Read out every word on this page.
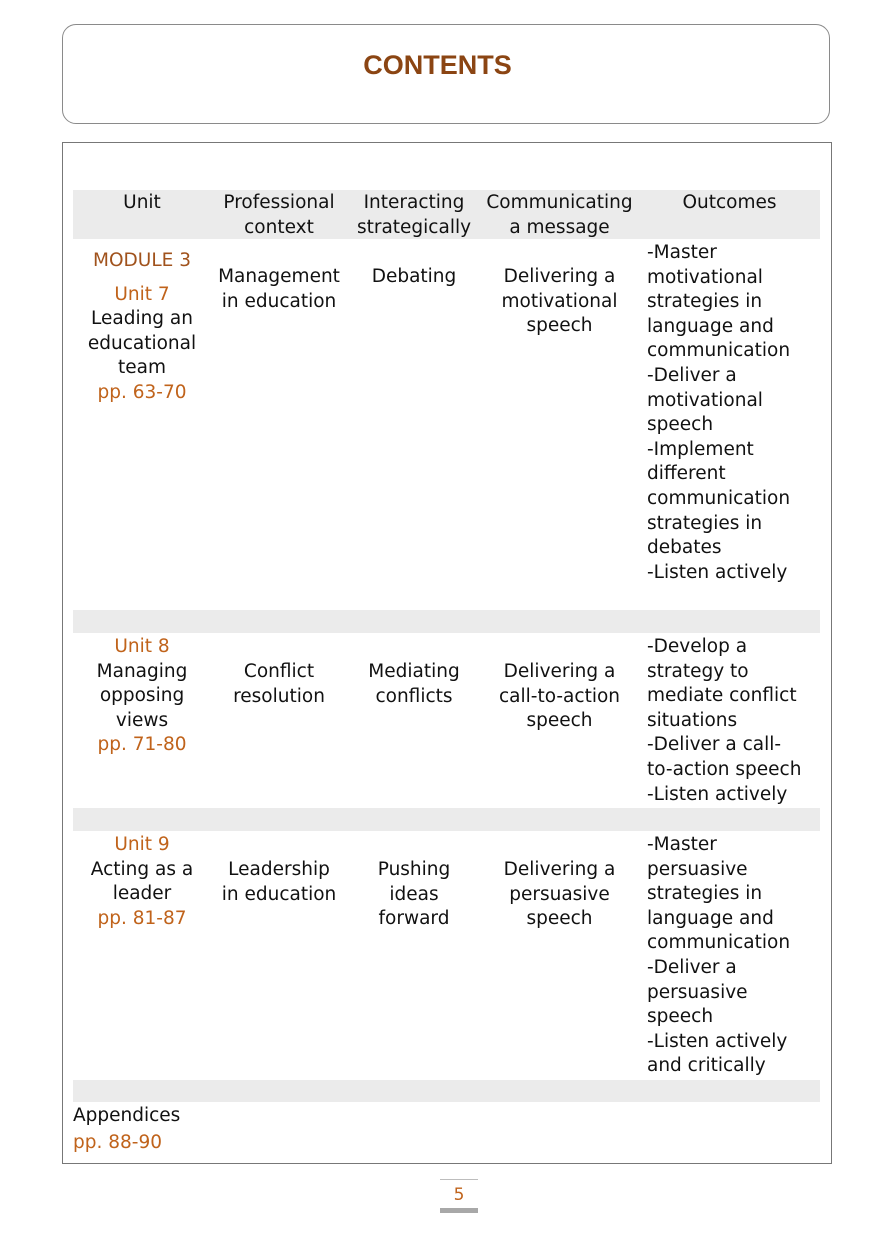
CONTENTS
Unit	Professional
context
Interacting
strategically
Communicating
a message
Outcomes
MODULE 3
Unit 7
Leading an
educational
team
pp. 63-70
Management
in education
Debating	Delivering a
motivational
speech
-Master
motivational
strategies in
language and
communication
-Deliver a
motivational
speech
-Implement
different
communication
strategies in
debates
-Listen actively
Unit 8
Managing
opposing
views
pp. 71-80
Conflict
resolution
Mediating
conflicts
Delivering a
call-to-action
speech
-Develop a
strategy to
mediate conflict
situations
-Deliver a call-
to-action speech
-Listen actively
Unit 9
Acting as a
leader
pp. 81-87
Leadership
in education
Pushing
ideas
forward
Delivering a
persuasive
speech
-Master
persuasive
strategies in
language and
communication
-Deliver a
persuasive
speech
-Listen actively
and critically
Appendices
pp. 88-90
5
